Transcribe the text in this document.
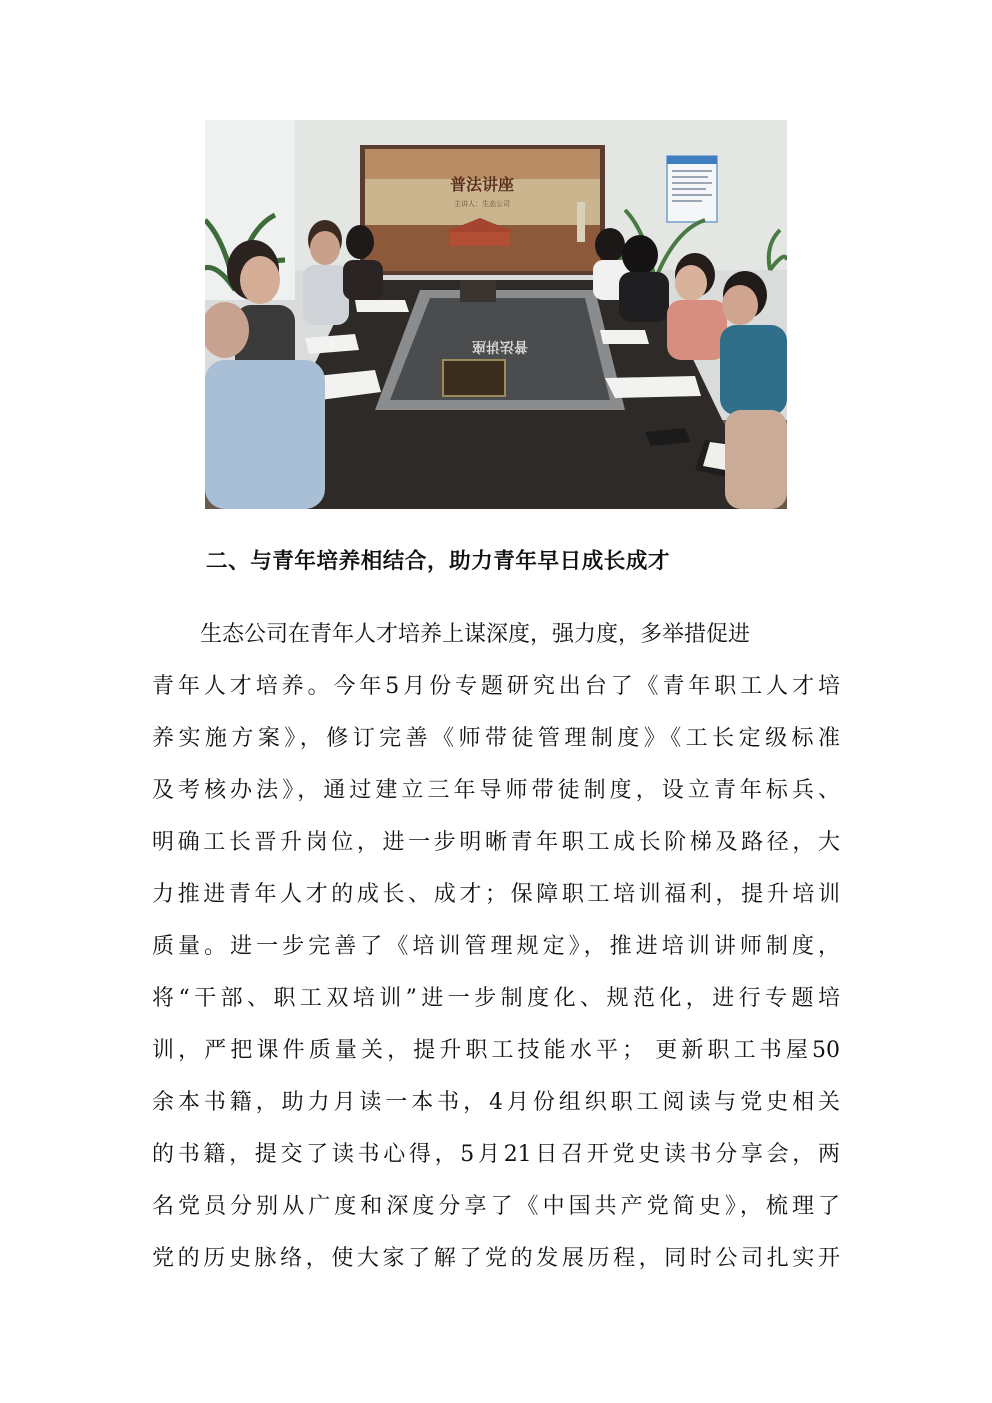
普法讲座
主讲人：生态公司
普法讲座
二、与青年培养相结合，助力青年早日成长成才
生态公司在青年人才培养上谋深度，强力度，多举措促进
青年人才培养。今年5月份专题研究出台了《青年职工人才培
养实施方案》，修订完善《师带徒管理制度》《工长定级标准
及考核办法》，通过建立三年导师带徒制度，设立青年标兵、
明确工长晋升岗位，进一步明晰青年职工成长阶梯及路径，大
力推进青年人才的成长、成才；保障职工培训福利，提升培训
质量。进一步完善了《培训管理规定》，推进培训讲师制度，
将“干部、职工双培训”进一步制度化、规范化，进行专题培
训，严把课件质量关，提升职工技能水平； 更新职工书屋50
余本书籍，助力月读一本书，4月份组织职工阅读与党史相关
的书籍，提交了读书心得，5月21日召开党史读书分享会，两
名党员分别从广度和深度分享了《中国共产党简史》，梳理了
党的历史脉络，使大家了解了党的发展历程，同时公司扎实开
